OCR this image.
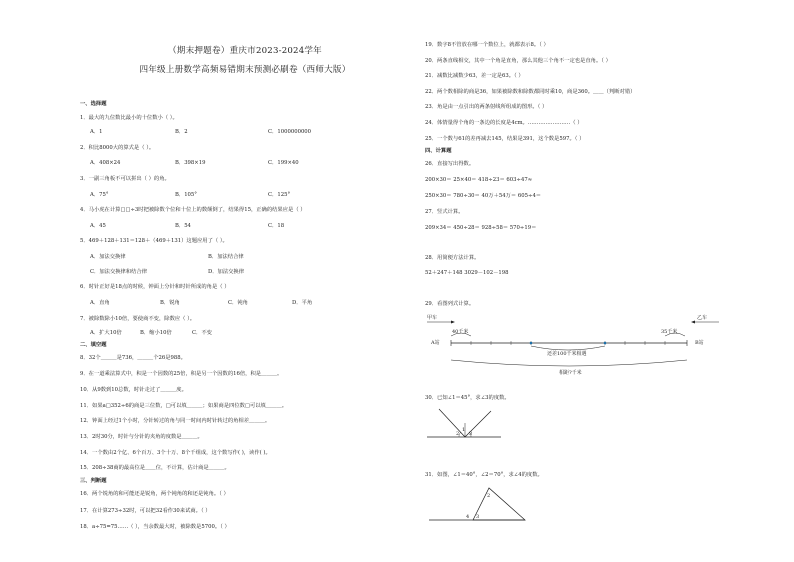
（期末押题卷）重庆市2023-2024学年
四年级上册数学高频易错期末预测必刷卷（西师大版）
一、选择题
1．最大的九位数比最小的十位数小（ ）。
A．1	B．2	C．1000000000
2．积比8000大的算式是（ ）。
A．408×24	B．398×19	C．199×40
3．一副三角板不可以拼出（ ）的角。
A．75°	B．105°	C．125°
4．马小虎在计算□□÷3时把被除数个位和十位上的数颠倒了，结果得15，正确的结果应是（ ）
A．45	B．54	C．18
5．469＋128＋131＝128＋（469＋131）这题应用了（ ）。
A．加法交换律	B．加法结合律
C．加法交换律和结合律	D．加法交换律
6．时针正好是18点的时候，钟面上分针和时针所成的角是（ ）
A．直角	B．锐角	C．钝角	D．平角
7．被除数除小10倍，要使商不变，除数应（ ）。
A．扩大10倍	B．缩小10倍	C．不变
二、填空题
8．32个＿＿＿是736，＿＿＿个26是988。
9．在一道乘法算式中，积是一个因数的25倍，积是另一个因数的16倍，积是＿＿＿。
10．从9数到10总数，时针走过了＿＿＿度。
11．如果a□352÷6的商是三位数，□可以填＿＿＿；如果商是四位数□可以填＿＿＿。
12．钟面上经过1个小时，分针转过的角与同一时间内时针转过的角相差＿＿＿。
13．2时30分，时针与分针的夹角的度数是＿＿＿。
14．一个数由2个亿、6个百万、3个十万、8个千组成，这个数写作( )，读作( )。
15．208÷38商的最高位是＿＿位，不计算，估计商是＿＿＿。
三、判断题
16．两个锐角的和可能还是锐角，两个钝角的和还是钝角。（ ）
17．在计算273÷32时，可以把32看作30来试商。（ ）
18．a÷75=75……（ ），当余数最大时，被除数是5700。（ ）
19．数字8不管放在哪一个数位上，就都表示8。（ ）
20．两条直线相交，其中一个角是直角，那么其他三个角不一定也是直角。（ ）
21．减数比减数少63，差一定是63。（ ）
22．两个数相除的商是36，如果被除数和除数都同时乘10，商是360。＿＿（判断对错）
23．角是由一点引出的两条射线所组成的图形。（ ）
24．体情量得个角的一条边的长度是4cm。……………………（ ）
25．一个数与61的差再减去145，结果是391，这个数是597。（ ）
四、计算题
26．直接写出得数。
200×30＝ 25×40＝ 418÷23＝ 603÷47≈
250×30＝ 780÷30＝ 40万＋54万＝ 605÷4＝
27．竖式计算。
209×34＝ 450÷28＝ 928÷58＝ 570÷19＝
28．用简便方法计算。
52＋247＋148 3029－102－198
29．看图列式计算。
甲车	乙车
40千米	35千米
A站	B站
还差100千米相遇
相距?千米
30．已知∠1＝45°，求∠3的度数。
1
2 3
31．如图，∠1＝40°，∠2＝70°，求∠4的度数。
2
3
4
